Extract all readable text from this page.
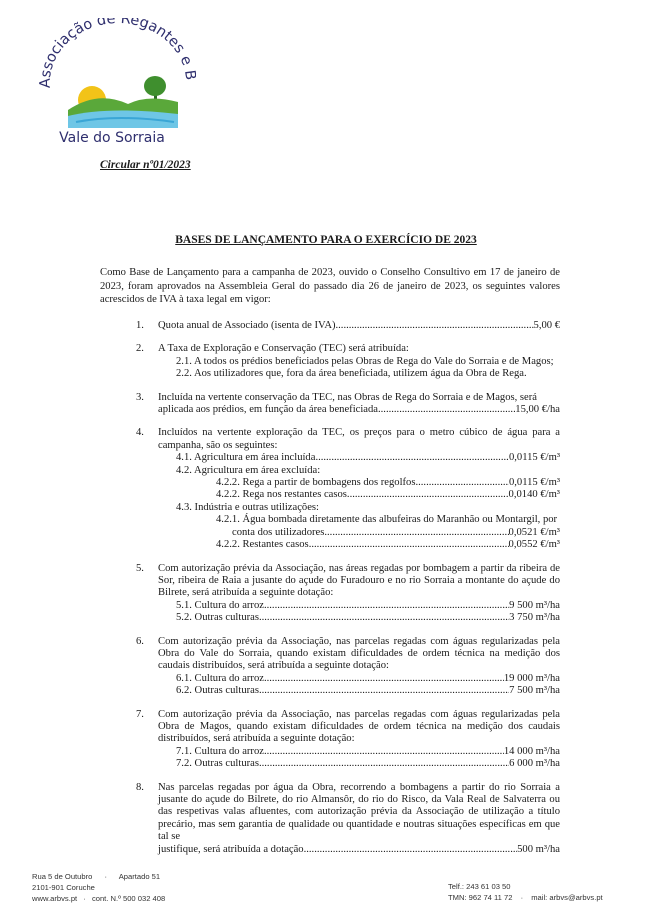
Associação de Regantes e
Vale do Sorraia
Circular nº01/2023
BASES DE LANÇAMENTO PARA O EXERCÍCIO DE 2023
Como Base de Lançamento para a campanha de 2023, ouvido o Conselho Consultivo em 17 de janeiro de 2023, foram aprovados na Assembleia Geral do passado dia 26 de janeiro de 2023, os seguintes valores acrescidos de IVA à taxa legal em vigor:
1. Quota anual de Associado (isenta de IVA) .....	5,00 €
2. A Taxa de Exploração e Conservação (TEC) será atribuída:

2.1. A todos os prédios beneficiados pelas Obras de Rega do Vale do Sorraia e de Magos;

2.2. Aos utilizadores que, fora da área beneficiada, utilizem água da Obra de Rega.

3. Incluída na vertente conservação da TEC, nas Obras de Rega do Sorraia e de Magos, será

aplicada aos prédios, em função da área beneficiada .....	15,00 €/ha
4. Incluídos na vertente exploração da TEC, os preços para o metro cúbico de água para a campanha, são os seguintes:

4.1. Agricultura em área incluída .....	0,0115 €/m³

4.2. Agricultura em área excluída:

4.2.2. Rega a partir de bombagens dos regolfos .....	0,0115 €/m³
4.2.2. Rega nos restantes casos .....	0,0140 €/m³

4.3. Indústria e outras utilizações:

4.2.1. Água bombada diretamente das albufeiras do Maranhão ou Montargil, por

conta dos utilizadores .....	0,0521 €/m³
4.2.2. Restantes casos .....	0,0552 €/m³
5. Com autorização prévia da Associação, nas áreas regadas por bombagem a partir da ribeira de Sor, ribeira de Raia a jusante do açude do Furadouro e no rio Sorraia a montante do açude do Bilrete, será atribuída a seguinte dotação:

5.1. Cultura do arroz .....	9 500 m³/ha
5.2. Outras culturas .....	3 750 m³/ha
6. Com autorização prévia da Associação, nas parcelas regadas com águas regularizadas pela Obra do Vale do Sorraia, quando existam dificuldades de ordem técnica na medição dos caudais distribuídos, será atribuída a seguinte dotação:

6.1. Cultura do arroz .....	19 000 m³/ha
6.2. Outras culturas .....	7 500 m³/ha
7. Com autorização prévia da Associação, nas parcelas regadas com águas regularizadas pela Obra de Magos, quando existam dificuldades de ordem técnica na medição dos caudais distribuídos, será atribuída a seguinte dotação:

7.1. Cultura do arroz .....	14 000 m³/ha
7.2. Outras culturas .....	6 000 m³/ha
8. Nas parcelas regadas por água da Obra, recorrendo a bombagens a partir do rio Sorraia a jusante do açude do Bilrete, do rio Almansôr, do rio do Risco, da Vala Real de Salvaterra ou das respetivas valas afluentes, com autorização prévia da Associação de utilização a título precário, mas sem garantia de qualidade ou quantidade e noutras situações específicas em que tal se

justifique, será atribuída a dotação .....	500 m³/ha
Rua 5 de Outubro · Apartado 51
2101-901 Coruche
www.arbvs.pt · cont. N.º 500 032 408
Telf.: 243 61 03 50
TMN: 962 74 11 72 · mail: arbvs@arbvs.pt
